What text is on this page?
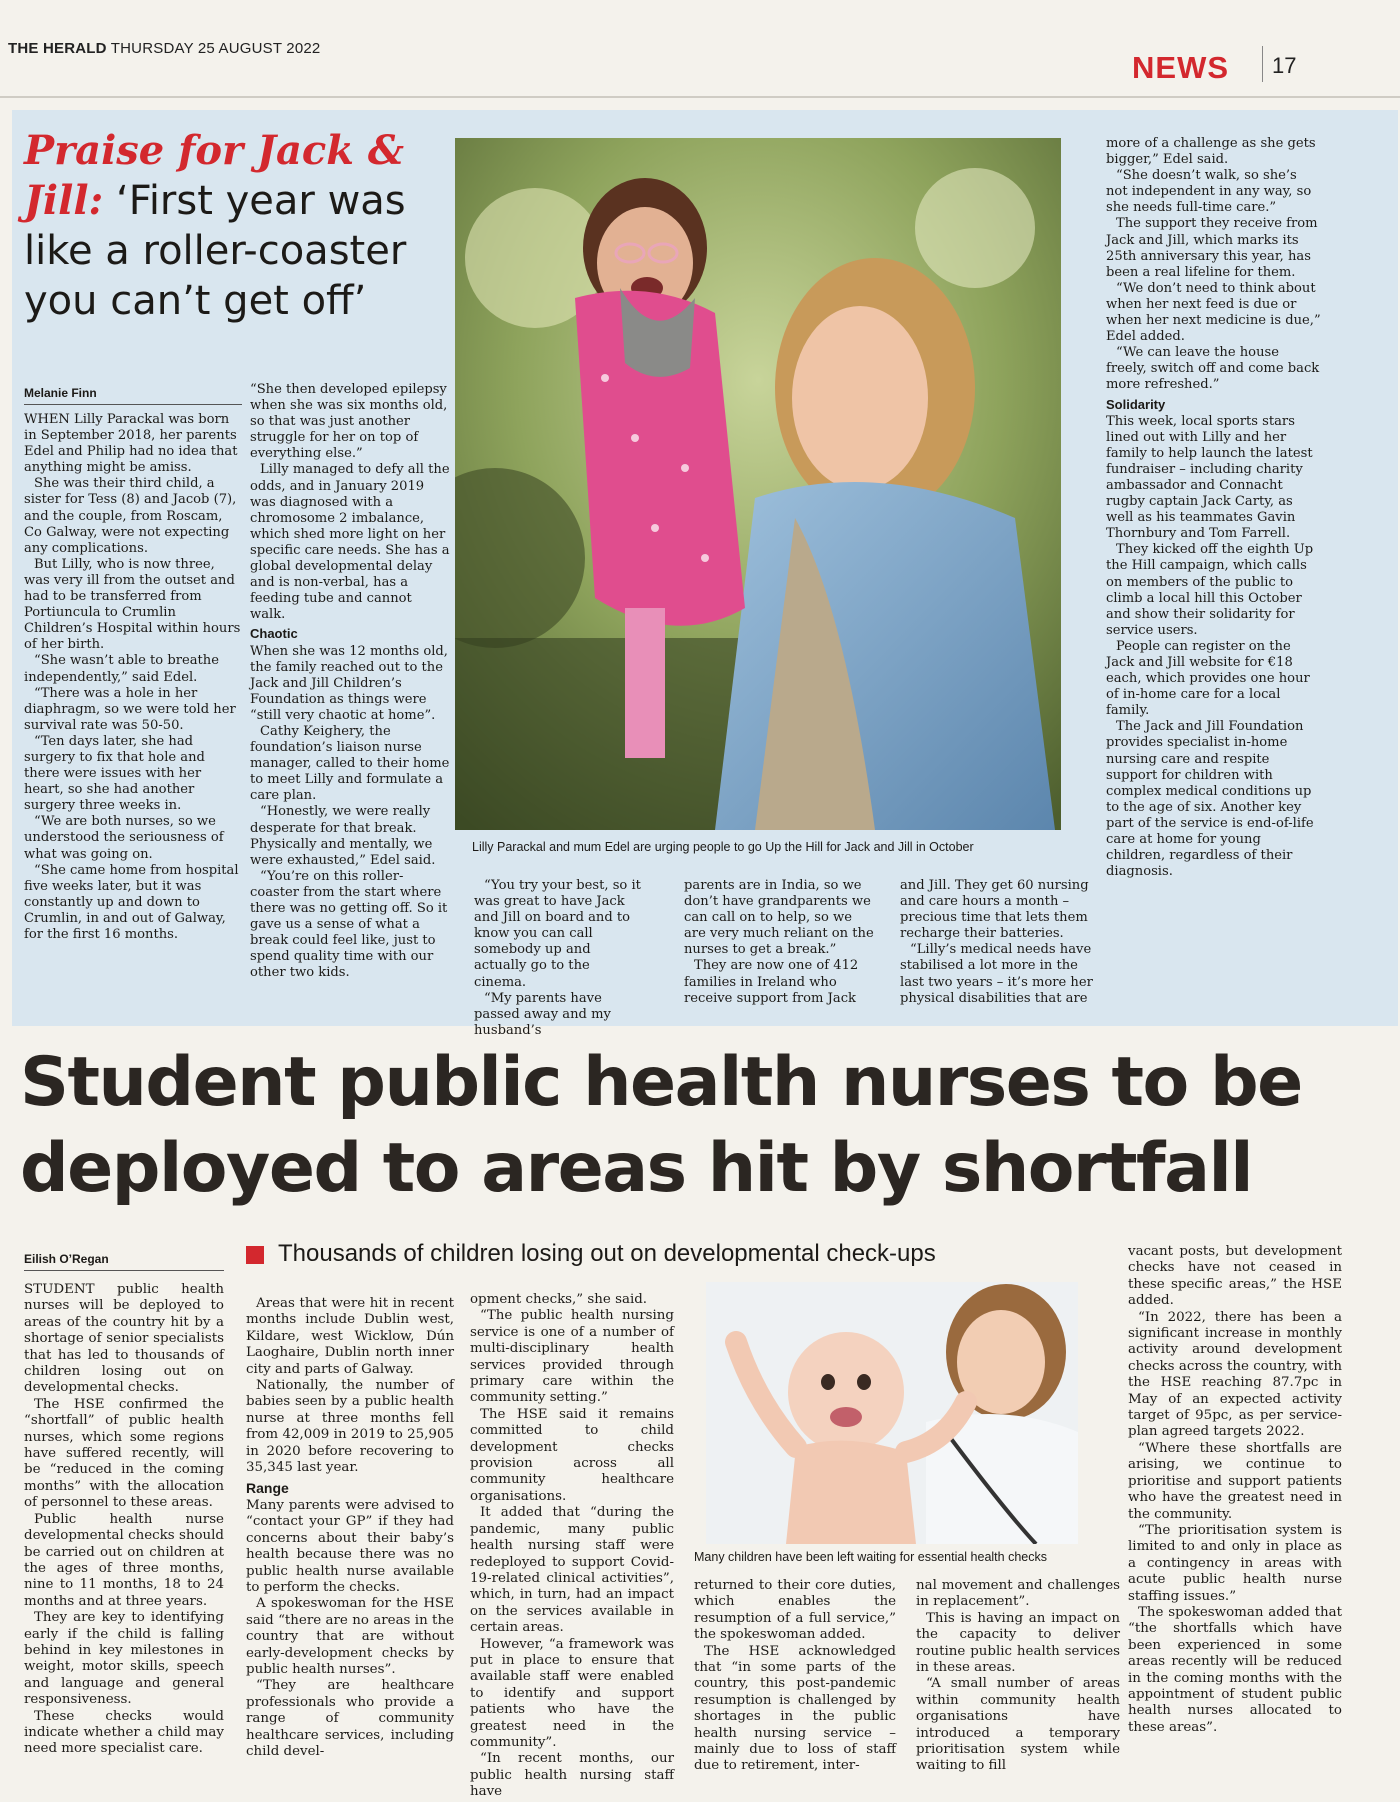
THE HERALD THURSDAY 25 AUGUST 2022
NEWS 17
Praise for Jack & Jill: ‘First year was like a roller-coaster you can’t get off’
Melanie Finn

WHEN Lilly Parackal was born in September 2018, her parents Edel and Philip had no idea that anything might be amiss.

She was their third child, a sister for Tess (8) and Jacob (7), and the couple, from Roscam, Co Galway, were not expecting any complications.

But Lilly, who is now three, was very ill from the outset and had to be transferred from Portiuncula to Crumlin Children’s Hospital within hours of her birth.

“She wasn’t able to breathe independently,” said Edel.

“There was a hole in her diaphragm, so we were told her survival rate was 50-50.

“Ten days later, she had surgery to fix that hole and there were issues with her heart, so she had another surgery three weeks in.

“We are both nurses, so we understood the seriousness of what was going on.

“She came home from hospital five weeks later, but it was constantly up and down to Crumlin, in and out of Galway, for the first 16 months.

“She then developed epilepsy when she was six months old, so that was just another struggle for her on top of everything else.”

Lilly managed to defy all the odds, and in January 2019 was diagnosed with a chromosome 2 imbalance, which shed more light on her specific care needs. She has a global developmental delay and is non-verbal, has a feeding tube and cannot walk.

Chaotic

When she was 12 months old, the family reached out to the Jack and Jill Children’s Foundation as things were “still very chaotic at home”.

Cathy Keighery, the foundation’s liaison nurse manager, called to their home to meet Lilly and formulate a care plan.

“Honestly, we were really desperate for that break. Physically and mentally, we were exhausted,” Edel said.

“You’re on this roller-coaster from the start where there was no getting off. So it gave us a sense of what a break could feel like, just to spend quality time with our other two kids.

Lilly Parackal and mum Edel are urging people to go Up the Hill for Jack and Jill in October

“You try your best, so it was great to have Jack and Jill on board and to know you can call somebody up and actually go to the cinema.

“My parents have passed away and my husband’s

parents are in India, so we don’t have grandparents we can call on to help, so we are very much reliant on the nurses to get a break.”

They are now one of 412 families in Ireland who receive support from Jack

and Jill. They get 60 nursing and care hours a month – precious time that lets them recharge their batteries.

“Lilly’s medical needs have stabilised a lot more in the last two years – it’s more her physical disabilities that are

more of a challenge as she gets bigger,” Edel said.

“She doesn’t walk, so she’s not independent in any way, so she needs full-time care.”

The support they receive from Jack and Jill, which marks its 25th anniversary this year, has been a real lifeline for them.

“We don’t need to think about when her next feed is due or when her next medicine is due,” Edel added.

“We can leave the house freely, switch off and come back more refreshed.”

Solidarity

This week, local sports stars lined out with Lilly and her family to help launch the latest fundraiser – including charity ambassador and Connacht rugby captain Jack Carty, as well as his teammates Gavin Thornbury and Tom Farrell.

They kicked off the eighth Up the Hill campaign, which calls on members of the public to climb a local hill this October and show their solidarity for service users.

People can register on the Jack and Jill website for €18 each, which provides one hour of in-home care for a local family.

The Jack and Jill Foundation provides specialist in-home nursing care and respite support for children with complex medical conditions up to the age of six. Another key part of the service is end-of-life care at home for young children, regardless of their diagnosis.

Student public health nurses to be deployed to areas hit by shortfall
Thousands of children losing out on developmental check-ups
Eilish O’Regan

STUDENT public health nurses will be deployed to areas of the country hit by a shortage of senior specialists that has led to thousands of children losing out on developmental checks.

The HSE confirmed the “shortfall” of public health nurses, which some regions have suffered recently, will be “reduced in the coming months” with the allocation of personnel to these areas.

Public health nurse developmental checks should be carried out on children at the ages of three months, nine to 11 months, 18 to 24 months and at three years.

They are key to identifying early if the child is falling behind in key milestones in weight, motor skills, speech and language and general responsiveness.

These checks would indicate whether a child may need more specialist care.

Areas that were hit in recent months include Dublin west, Kildare, west Wicklow, Dún Laoghaire, Dublin north inner city and parts of Galway.

Nationally, the number of babies seen by a public health nurse at three months fell from 42,009 in 2019 to 25,905 in 2020 before recovering to 35,345 last year.

Range

Many parents were advised to “contact your GP” if they had concerns about their baby’s health because there was no public health nurse available to perform the checks.

A spokeswoman for the HSE said “there are no areas in the country that are without early-development checks by public health nurses”.

“They are healthcare professionals who provide a range of community healthcare services, including child devel-

opment checks,” she said.

“The public health nursing service is one of a number of multi-disciplinary health services provided through primary care within the community setting.”

The HSE said it remains committed to child development checks provision across all community healthcare organisations.

It added that “during the pandemic, many public health nursing staff were redeployed to support Covid-19-related clinical activities”, which, in turn, had an impact on the services available in certain areas.

However, “a framework was put in place to ensure that available staff were enabled to identify and support patients who have the greatest need in the community”.

“In recent months, our public health nursing staff have

Many children have been left waiting for essential health checks

returned to their core duties, which enables the resumption of a full service,” the spokeswoman added.

The HSE acknowledged that “in some parts of the country, this post-pandemic resumption is challenged by shortages in the public health nursing service – mainly due to loss of staff due to retirement, inter-

nal movement and challenges in replacement”.

This is having an impact on the capacity to deliver routine public health services in these areas.

“A small number of areas within community health organisations have introduced a temporary prioritisation system while waiting to fill

vacant posts, but development checks have not ceased in these specific areas,” the HSE added.

“In 2022, there has been a significant increase in monthly activity around development checks across the country, with the HSE reaching 87.7pc in May of an expected activity target of 95pc, as per service-plan agreed targets 2022.

“Where these shortfalls are arising, we continue to prioritise and support patients who have the greatest need in the community.

“The prioritisation system is limited to and only in place as a contingency in areas with acute public health nurse staffing issues.”

The spokeswoman added that “the shortfalls which have been experienced in some areas recently will be reduced in the coming months with the appointment of student public health nurses allocated to these areas”.
